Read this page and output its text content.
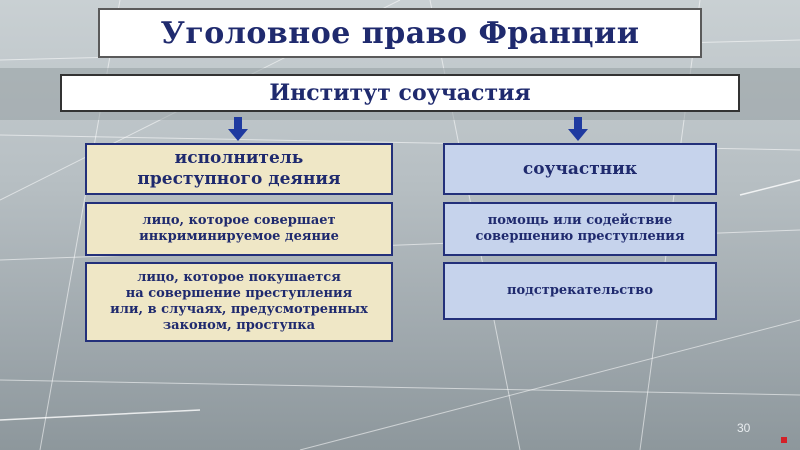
Уголовное право Франции
Институт соучастия
исполнитель
преступного деяния
лицо, которое совершает
инкриминируемое деяние
лицо, которое покушается
на совершение преступления
или, в случаях, предусмотренных
законом, проступка
соучастник
помощь или содействие
совершению преступления
подстрекательство
30
